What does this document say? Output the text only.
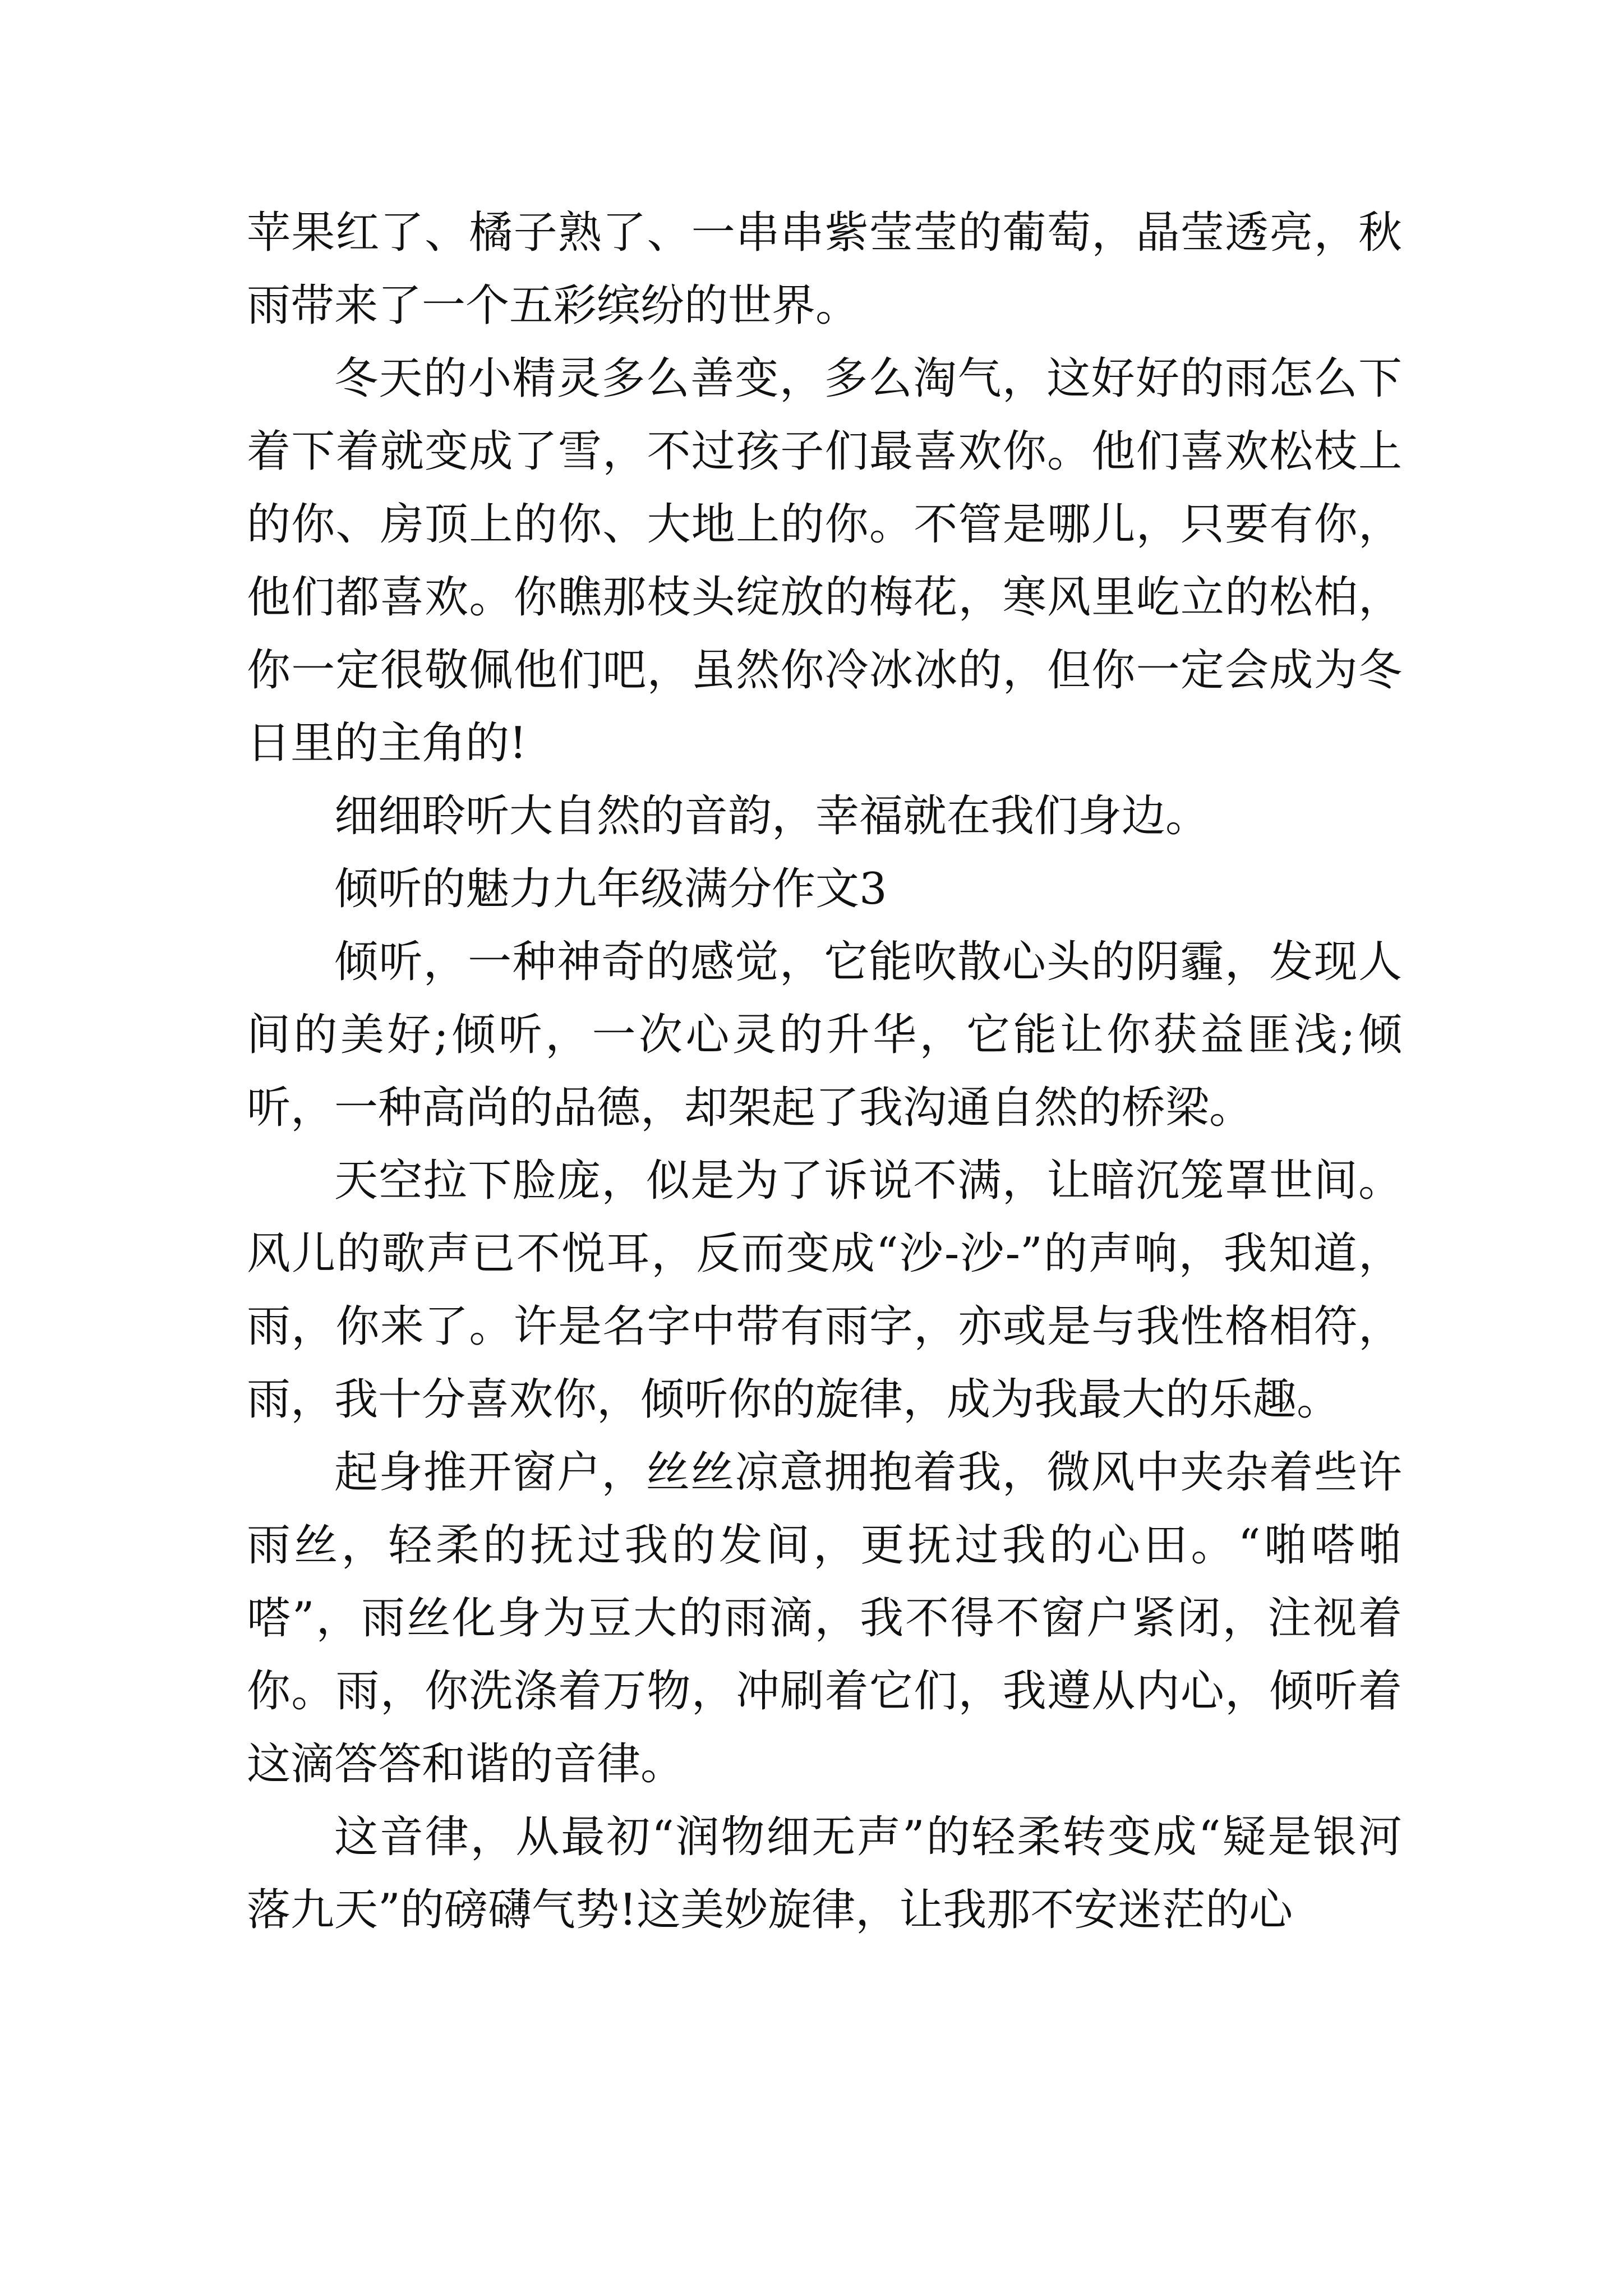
苹果红了、橘子熟了、一串串紫莹莹的葡萄，晶莹透亮，秋雨带来了一个五彩缤纷的世界。

冬天的小精灵多么善变，多么淘气，这好好的雨怎么下着下着就变成了雪，不过孩子们最喜欢你。他们喜欢松枝上的你、房顶上的你、大地上的你。不管是哪儿，只要有你，他们都喜欢。你瞧那枝头绽放的梅花，寒风里屹立的松柏，你一定很敬佩他们吧，虽然你冷冰冰的，但你一定会成为冬日里的主角的!

细细聆听大自然的音韵，幸福就在我们身边。

倾听的魅力九年级满分作文3

倾听，一种神奇的感觉，它能吹散心头的阴霾，发现人间的美好;倾听，一次心灵的升华，它能让你获益匪浅;倾听，一种高尚的品德，却架起了我沟通自然的桥梁。

天空拉下脸庞，似是为了诉说不满，让暗沉笼罩世间。风儿的歌声已不悦耳，反而变成“沙-沙-”的声响，我知道，雨，你来了。许是名字中带有雨字，亦或是与我性格相符，雨，我十分喜欢你，倾听你的旋律，成为我最大的乐趣。

起身推开窗户，丝丝凉意拥抱着我，微风中夹杂着些许雨丝，轻柔的抚过我的发间，更抚过我的心田。“啪嗒啪嗒”，雨丝化身为豆大的雨滴，我不得不窗户紧闭，注视着你。雨，你洗涤着万物，冲刷着它们，我遵从内心，倾听着这滴答答和谐的音律。

这音律，从最初“润物细无声”的轻柔转变成“疑是银河落九天”的磅礴气势!这美妙旋律，让我那不安迷茫的心
